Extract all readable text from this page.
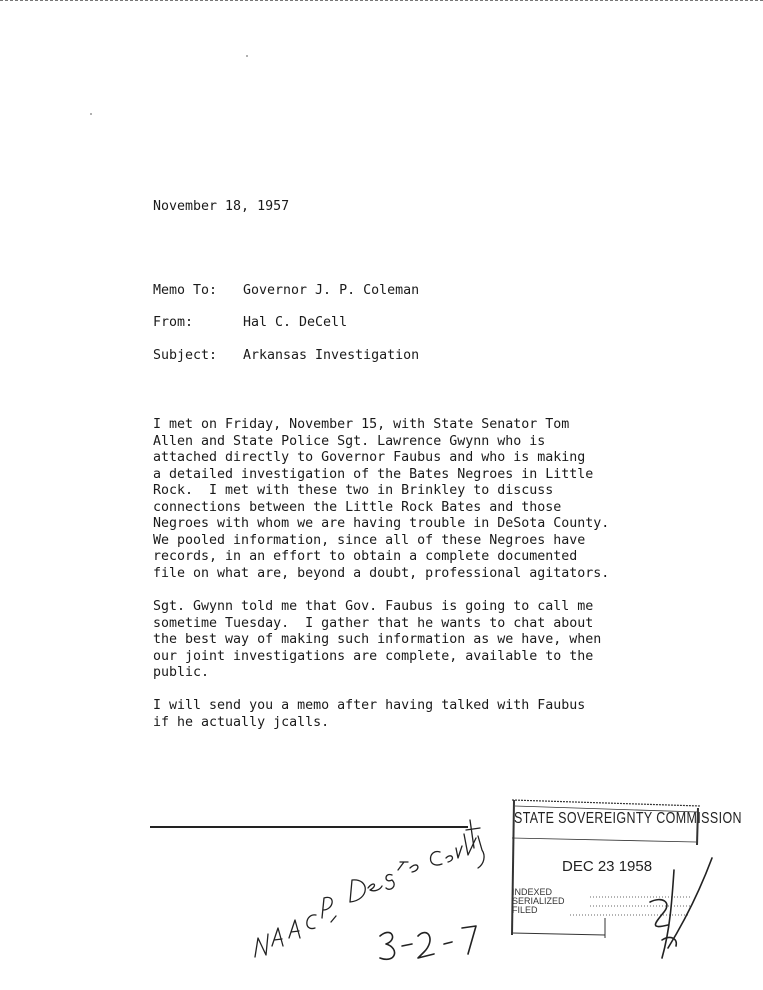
November 18, 1957
Memo To: Governor J. P. Coleman
From:	Hal C. DeCell
Subject: Arkansas Investigation
I met on Friday, November 15, with State Senator Tom
Allen and State Police Sgt. Lawrence Gwynn who is
attached directly to Governor Faubus and who is making
a detailed investigation of the Bates Negroes in Little
Rock.  I met with these two in Brinkley to discuss
connections between the Little Rock Bates and those
Negroes with whom we are having trouble in DeSota County.
We pooled information, since all of these Negroes have
records, in an effort to obtain a complete documented
file on what are, beyond a doubt, professional agitators.
Sgt. Gwynn told me that Gov. Faubus is going to call me
sometime Tuesday.  I gather that he wants to chat about
the best way of making such information as we have, when
our joint investigations are complete, available to the
public.
I will send you a memo after having talked with Faubus
if he actually jcalls.
STATE SOVEREIGNTY COMMISSION
DEC 23 1958
INDEXED
SERIALIZED
FILED
